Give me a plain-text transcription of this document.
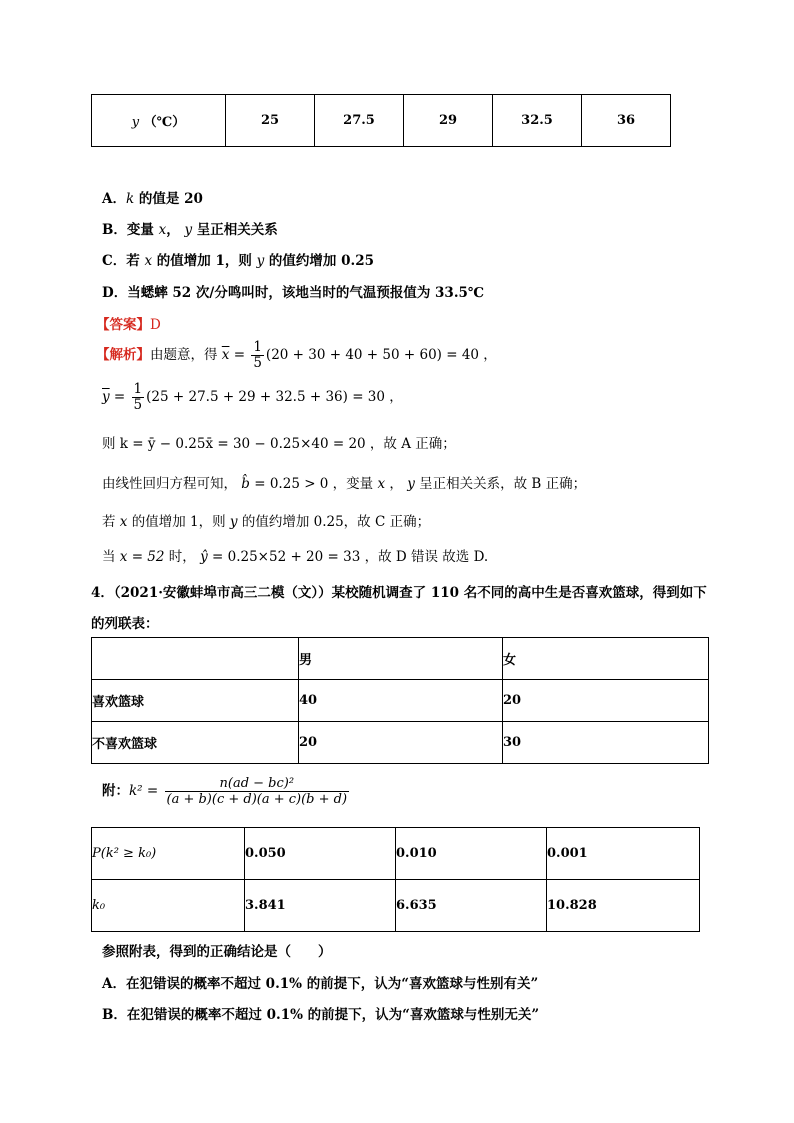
y （℃）	25	27.5	29	32.5	36
A．k 的值是 20
B．变量 x， y 呈正相关关系
C．若 x 的值增加 1，则 y 的值约增加 0.25
D．当蟋蟀 52 次/分鸣叫时，该地当时的气温预报值为 33.5℃
【答案】D
【解析】由题意，得 $\overline{x} = \frac{1}{5} (20 + 30 + 40 + 50 + 60) = 40$ ，
$\overline{y} = \frac{1}{5} (25 + 27.5 + 29 + 32.5 + 36) = 30$ ，
则 k = ȳ − 0.25x̄ = 30 − 0.25×40 = 20 ，故 A 正确；
由线性回归方程可知， b̂ = 0.25 > 0 ，变量 x ， y 呈正相关关系，故 B 正确；
若 x 的值增加 1，则 y 的值约增加 0.25，故 C 正确；
当 x = 52 时， ŷ = 0.25×52 + 20 = 33 ，故 D 错误 故选 D.
4．（2021·安徽蚌埠市高三二模（文））某校随机调查了 110 名不同的高中生是否喜欢篮球，得到如下
的列联表：
	男	女
喜欢篮球	40	20
不喜欢篮球	20	30
附：$k^2 = \frac{\text{n(ad − bc)²}}{(a + b)(c + d)(a + c)(b + d)}$
P(k² ≥ k₀)	0.050	0.010	0.001
k₀	3.841	6.635	10.828
参照附表，得到的正确结论是（　　）
A．在犯错误的概率不超过 0.1% 的前提下，认为“喜欢篮球与性别有关”
B．在犯错误的概率不超过 0.1% 的前提下，认为“喜欢篮球与性别无关”
